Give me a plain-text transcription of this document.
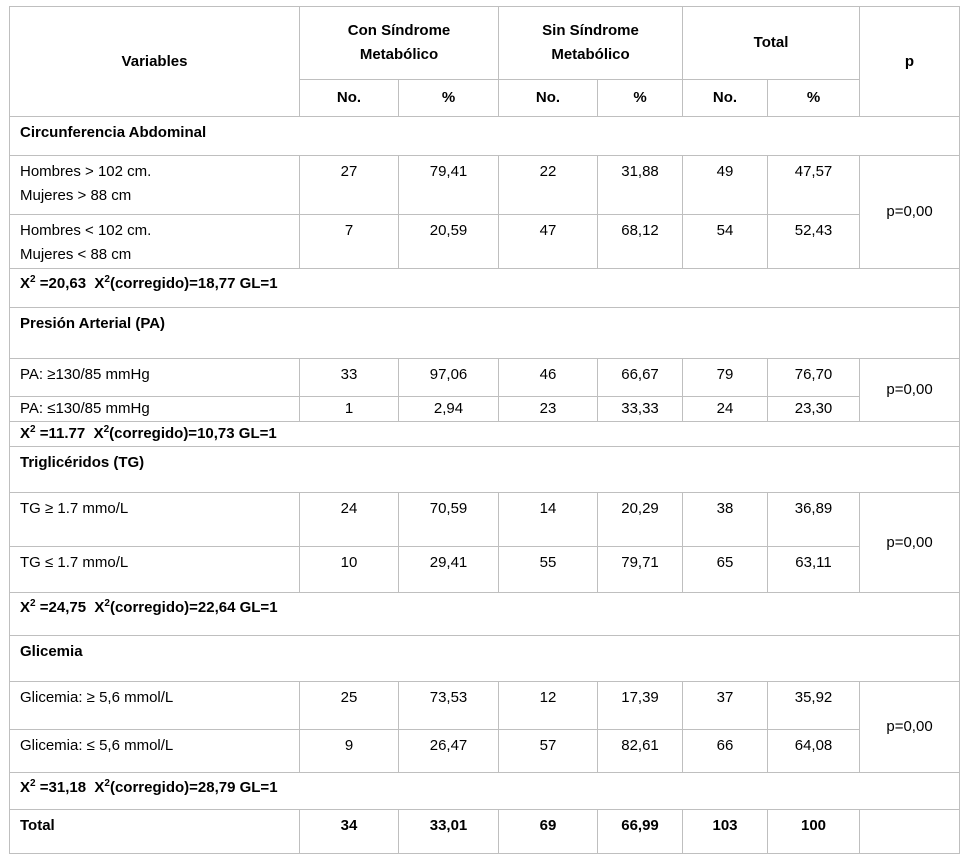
Variables	Con Síndrome Metabólico		Sin Síndrome Metabólico		Total		p
	No.	%	No.	%	No.	%	
Circunferencia Abdominal							
Hombres > 102 cm.
Mujeres > 88 cm	27	79,41	22	31,88	49	47,57	p=0,00
Hombres < 102 cm.
Mujeres < 88 cm	7	20,59	47	68,12	54	52,43	
$X^2 =20,63$ $X^2(corregido)=18,77$ GL=1							
Presión Arterial (PA)							
PA: ≥130/85 mmHg	33	97,06	46	66,67	79	76,70	p=0,00
PA: ≤130/85 mmHg	1	2,94	23	33,33	24	23,30	
$X^2 =11.77$ $X^2(corregido)=10,73$ GL=1							
Triglicéridos (TG)							
TG ≥ 1.7 mmo/L	24	70,59	14	20,29	38	36,89	p=0,00
TG ≤ 1.7 mmo/L	10	29,41	55	79,71	65	63,11	
$X^2 =24,75$ $X^2(corregido)=22,64$ GL=1							
Glicemia							
Glicemia: ≥ 5,6 mmol/L	25	73,53	12	17,39	37	35,92	p=0,00
Glicemia: ≤ 5,6 mmol/L	9	26,47	57	82,61	66	64,08	
$X^2 =31,18$ $X^2(corregido)=28,79$ GL=1							
Total	34	33,01	69	66,99	103	100	
